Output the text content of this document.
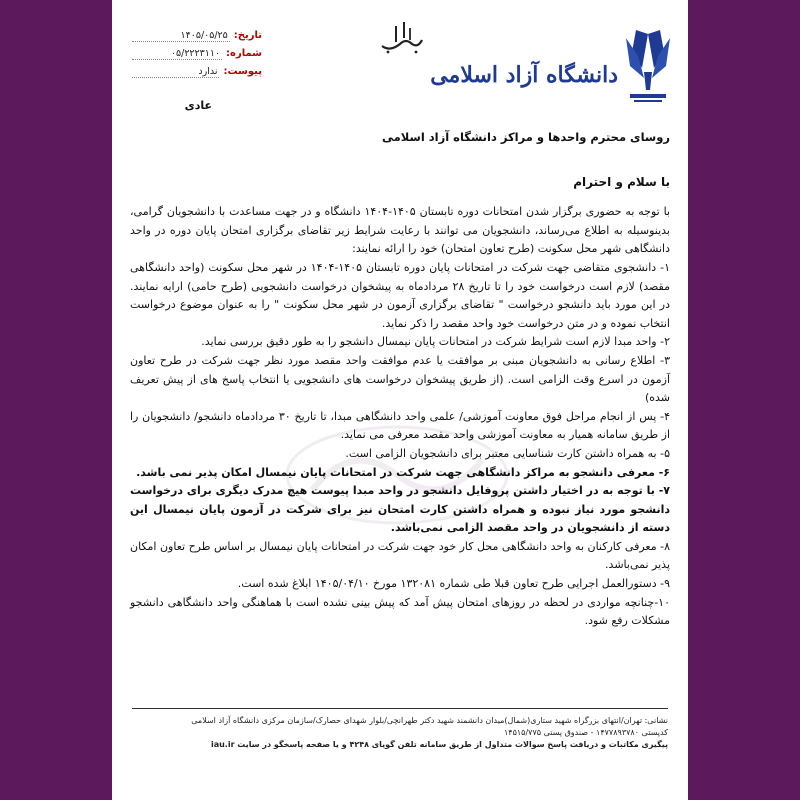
دانشگاه آزاد اسلامی
تاریخ:
۱۴۰۵/۰۵/۲۵
شماره:
۰۵/۲۲۲۳۱۱۰
پیوست:
ندارد
عادی

روسای محترم واحدها و مراکز دانشگاه آزاد اسلامی

با سلام و احترام

با توجه به حضوری برگزار شدن امتحانات دوره تابستان ۱۴۰۵-۱۴۰۴ دانشگاه و در جهت مساعدت با دانشجویان گرامی، بدینوسیله به اطلاع می‌رساند، دانشجویان می توانند با رعایت شرایط زیر تقاضای برگزاری امتحان پایان دوره در واحد دانشگاهی شهر محل سکونت (طرح تعاون امتحان) خود را ارائه نمایند:

۱- دانشجوی متقاضی جهت شرکت در امتحانات پایان دوره تابستان ۱۴۰۵-۱۴۰۴ در شهر محل سکونت (واحد دانشگاهی مقصد) لازم است درخواست خود را تا تاریخ ۲۸ مردادماه به پیشخوان درخواست دانشجویی (طرح حامی) ارایه نمایند. در این مورد باید دانشجو درخواست " تقاضای برگزاری آزمون در شهر محل سکونت " را به عنوان موضوع درخواست انتخاب نموده و در متن درخواست خود واحد مقصد را ذکر نماید.

۲- واحد مبدا لازم است شرایط شرکت در امتحانات پایان نیمسال دانشجو را به طور دقیق بررسی نماید.

۳- اطلاع رسانی به دانشجویان مبنی بر موافقت یا عدم موافقت واحد مقصد مورد نظر جهت شرکت در طرح تعاون آزمون در اسرع وقت الزامی است. (از طریق پیشخوان درخواست های دانشجویی یا انتخاب پاسخ های از پیش تعریف شده)

۴- پس از انجام مراحل فوق معاونت آموزشی/ علمی واحد دانشگاهی مبدا، تا تاریخ ۳۰ مردادماه دانشجو/ دانشجویان را از طریق سامانه همیار به معاونت آموزشی واحد مقصد معرفی می نماید.

۵- به همراه داشتن کارت شناسایی معتبر برای دانشجویان الزامی است.

۶- معرفی دانشجو به مراکز دانشگاهی جهت شرکت در امتحانات پایان نیمسال امکان پذیر نمی باشد.

۷- با توجه به در اختیار داشتن پروفایل دانشجو در واحد مبدا پیوست هیچ مدرک دیگری برای درخواست دانشجو مورد نیاز نبوده و همراه داشتن کارت امتحان نیز برای شرکت در آزمون پایان نیمسال این دسته از دانشجویان در واحد مقصد الزامی نمی‌باشد.

۸- معرفی کارکنان به واحد دانشگاهی محل کار خود جهت شرکت در امتحانات پایان نیمسال بر اساس طرح تعاون امکان پذیر نمی‌باشد.

۹- دستورالعمل اجرایی طرح تعاون قبلا طی شماره ۱۳۲۰۸۱ مورخ ۱۴۰۵/۰۴/۱۰ ابلاغ شده است.

۱۰-چنانچه مواردی در لحظه در روزهای امتحان پیش آمد که پیش بینی نشده است با هماهنگی واحد دانشگاهی دانشجو مشکلات رفع شود.

نشانی: تهران/انتهای بزرگراه شهید ستاری(شمال)میدان دانشمند شهید دکتر طهرانچی/بلوار شهدای حصارک/سازمان مرکزی دانشگاه آزاد اسلامی
کدپستی ۱۴۷۷۸۹۳۷۸۰ - صندوق پستی ۱۴۵۱۵/۷۷۵
پیگیری مکاتبات و دریافت پاسخ سوالات متداول از طریق سامانه تلفن گویای ۴۲۴۸ و یا صفحه پاسخگو در سایت iau.ir
